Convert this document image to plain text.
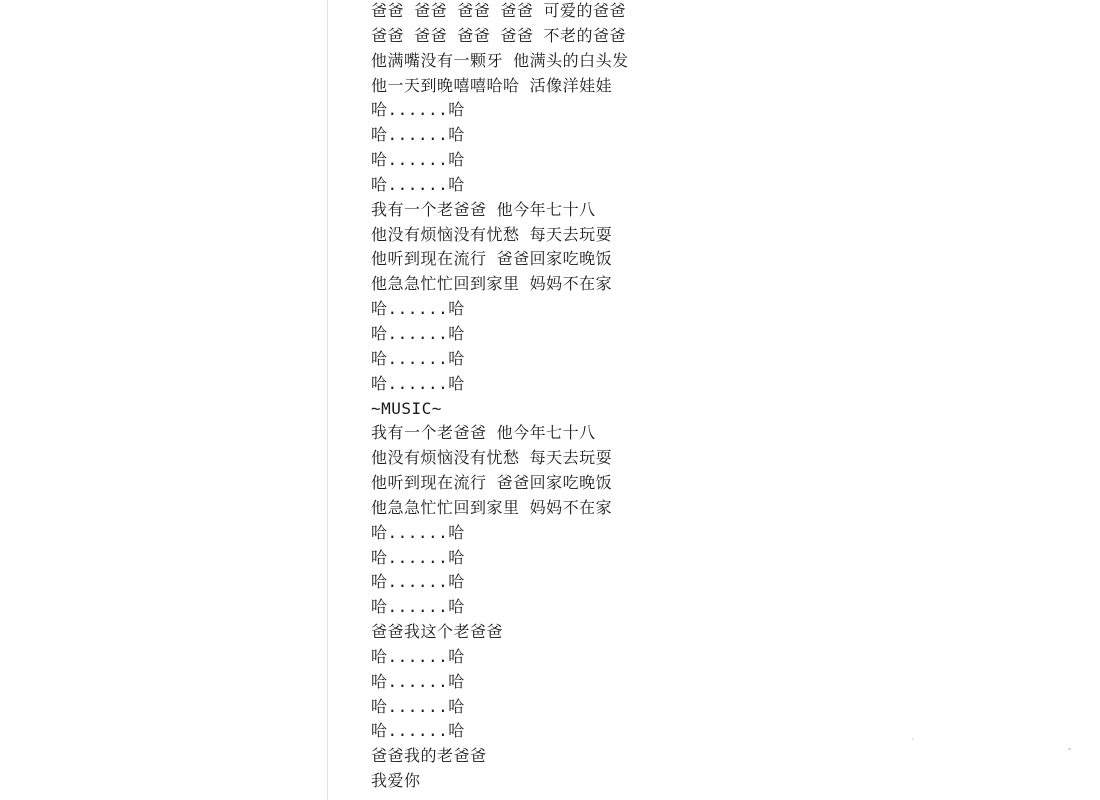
爸爸 爸爸 爸爸 爸爸 可爱的爸爸
爸爸 爸爸 爸爸 爸爸 不老的爸爸
他满嘴没有一颗牙 他满头的白头发
他一天到晚嘻嘻哈哈 活像洋娃娃
哈......哈
哈......哈
哈......哈
哈......哈
我有一个老爸爸 他今年七十八
他没有烦恼没有忧愁 每天去玩耍
他听到现在流行 爸爸回家吃晚饭
他急急忙忙回到家里 妈妈不在家
哈......哈
哈......哈
哈......哈
哈......哈
~MUSIC~
我有一个老爸爸 他今年七十八
他没有烦恼没有忧愁 每天去玩耍
他听到现在流行 爸爸回家吃晚饭
他急急忙忙回到家里 妈妈不在家
哈......哈
哈......哈
哈......哈
哈......哈
爸爸我这个老爸爸
哈......哈
哈......哈
哈......哈
哈......哈
爸爸我的老爸爸
我爱你
